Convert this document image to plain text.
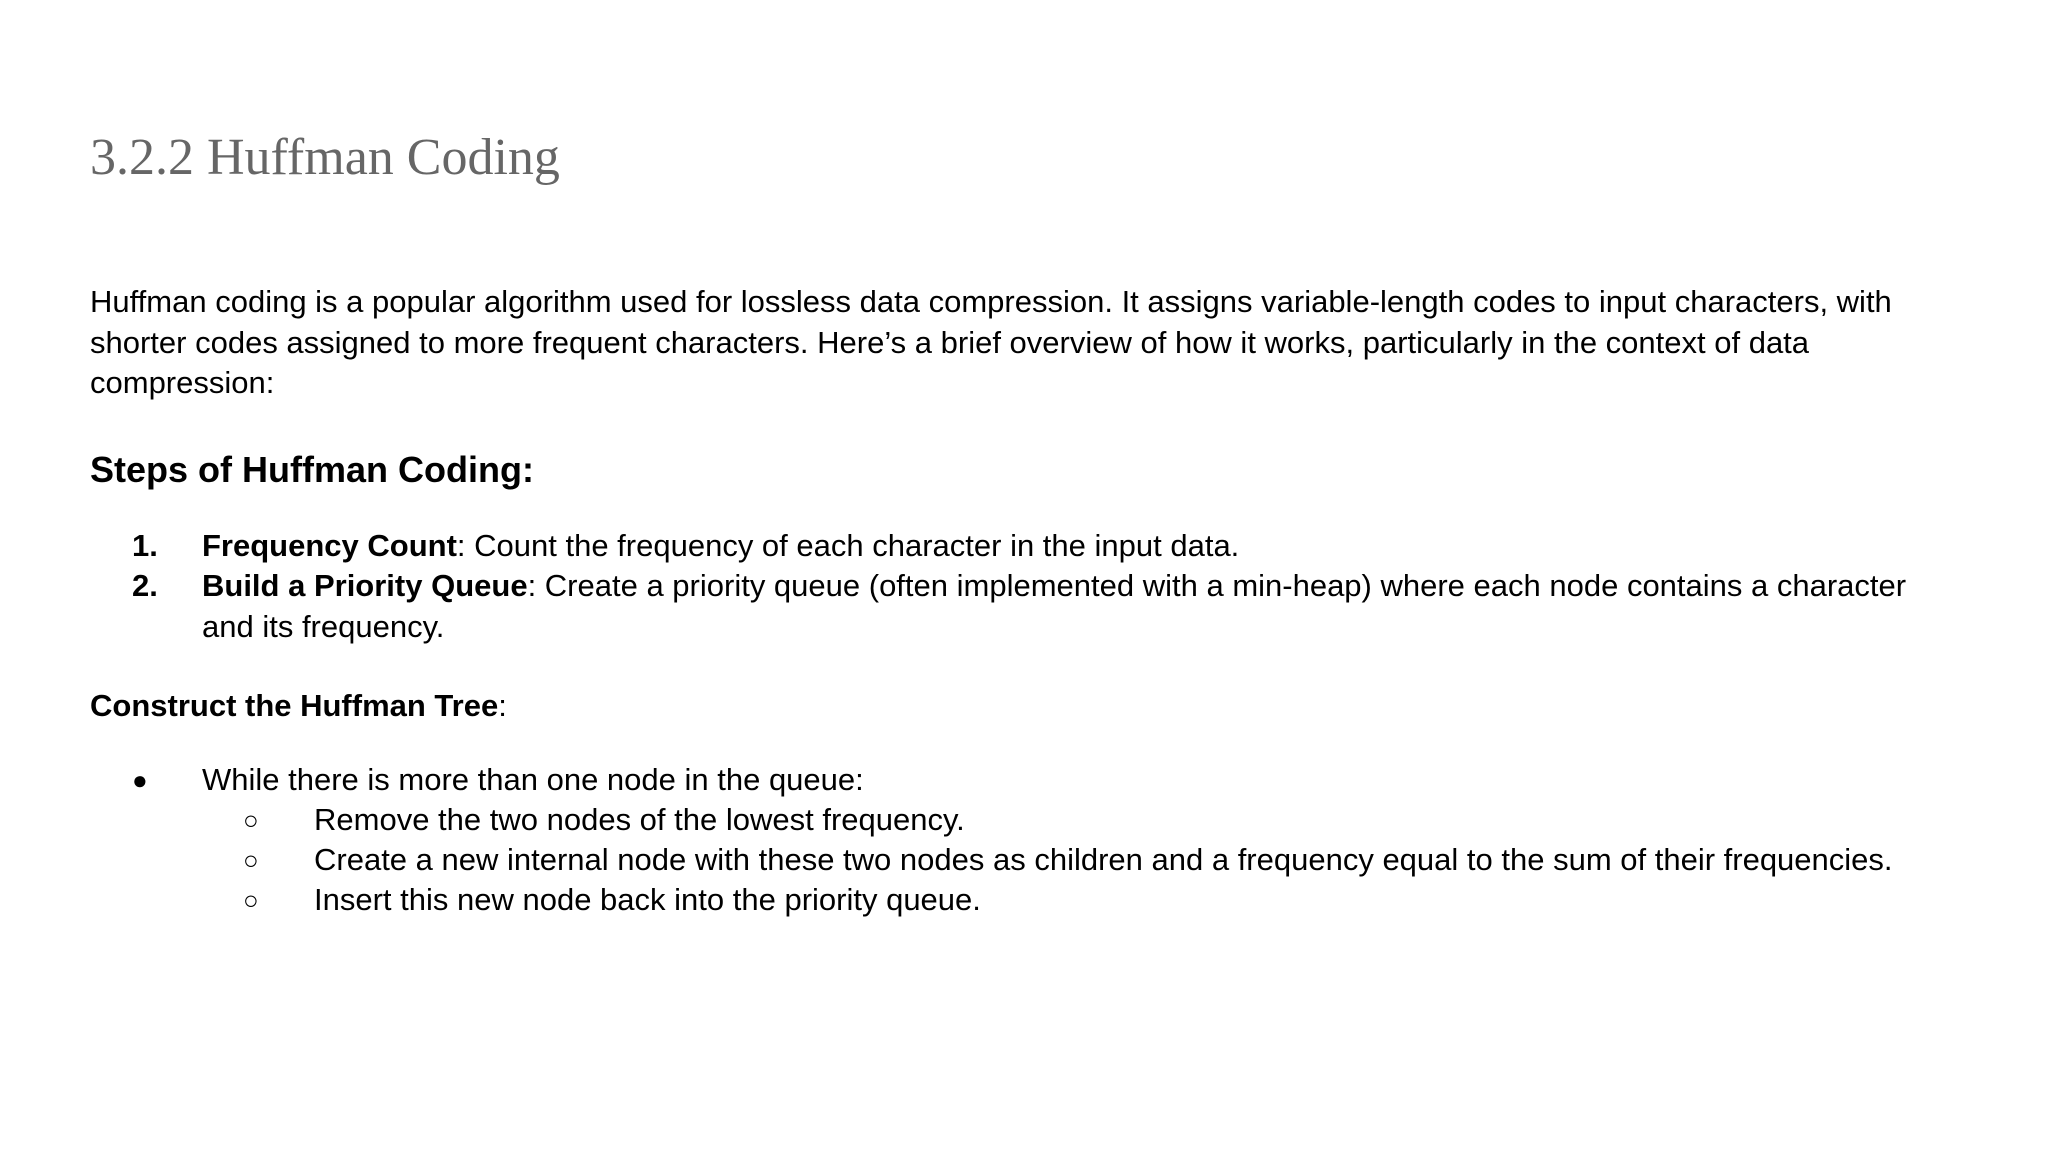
3.2.2 Huffman Coding

Huffman coding is a popular algorithm used for lossless data compression. It assigns variable-length codes to input characters, with
shorter codes assigned to more frequent characters. Here’s a brief overview of how it works, particularly in the context of data
compression:

Steps of Huffman Coding:
1. Frequency Count: Count the frequency of each character in the input data.
2. Build a Priority Queue: Create a priority queue (often implemented with a min-heap) where each node contains a character
and its frequency.
Construct the Huffman Tree:
● While there is more than one node in the queue:
○ Remove the two nodes of the lowest frequency.
○ Create a new internal node with these two nodes as children and a frequency equal to the sum of their frequencies.
○ Insert this new node back into the priority queue.
